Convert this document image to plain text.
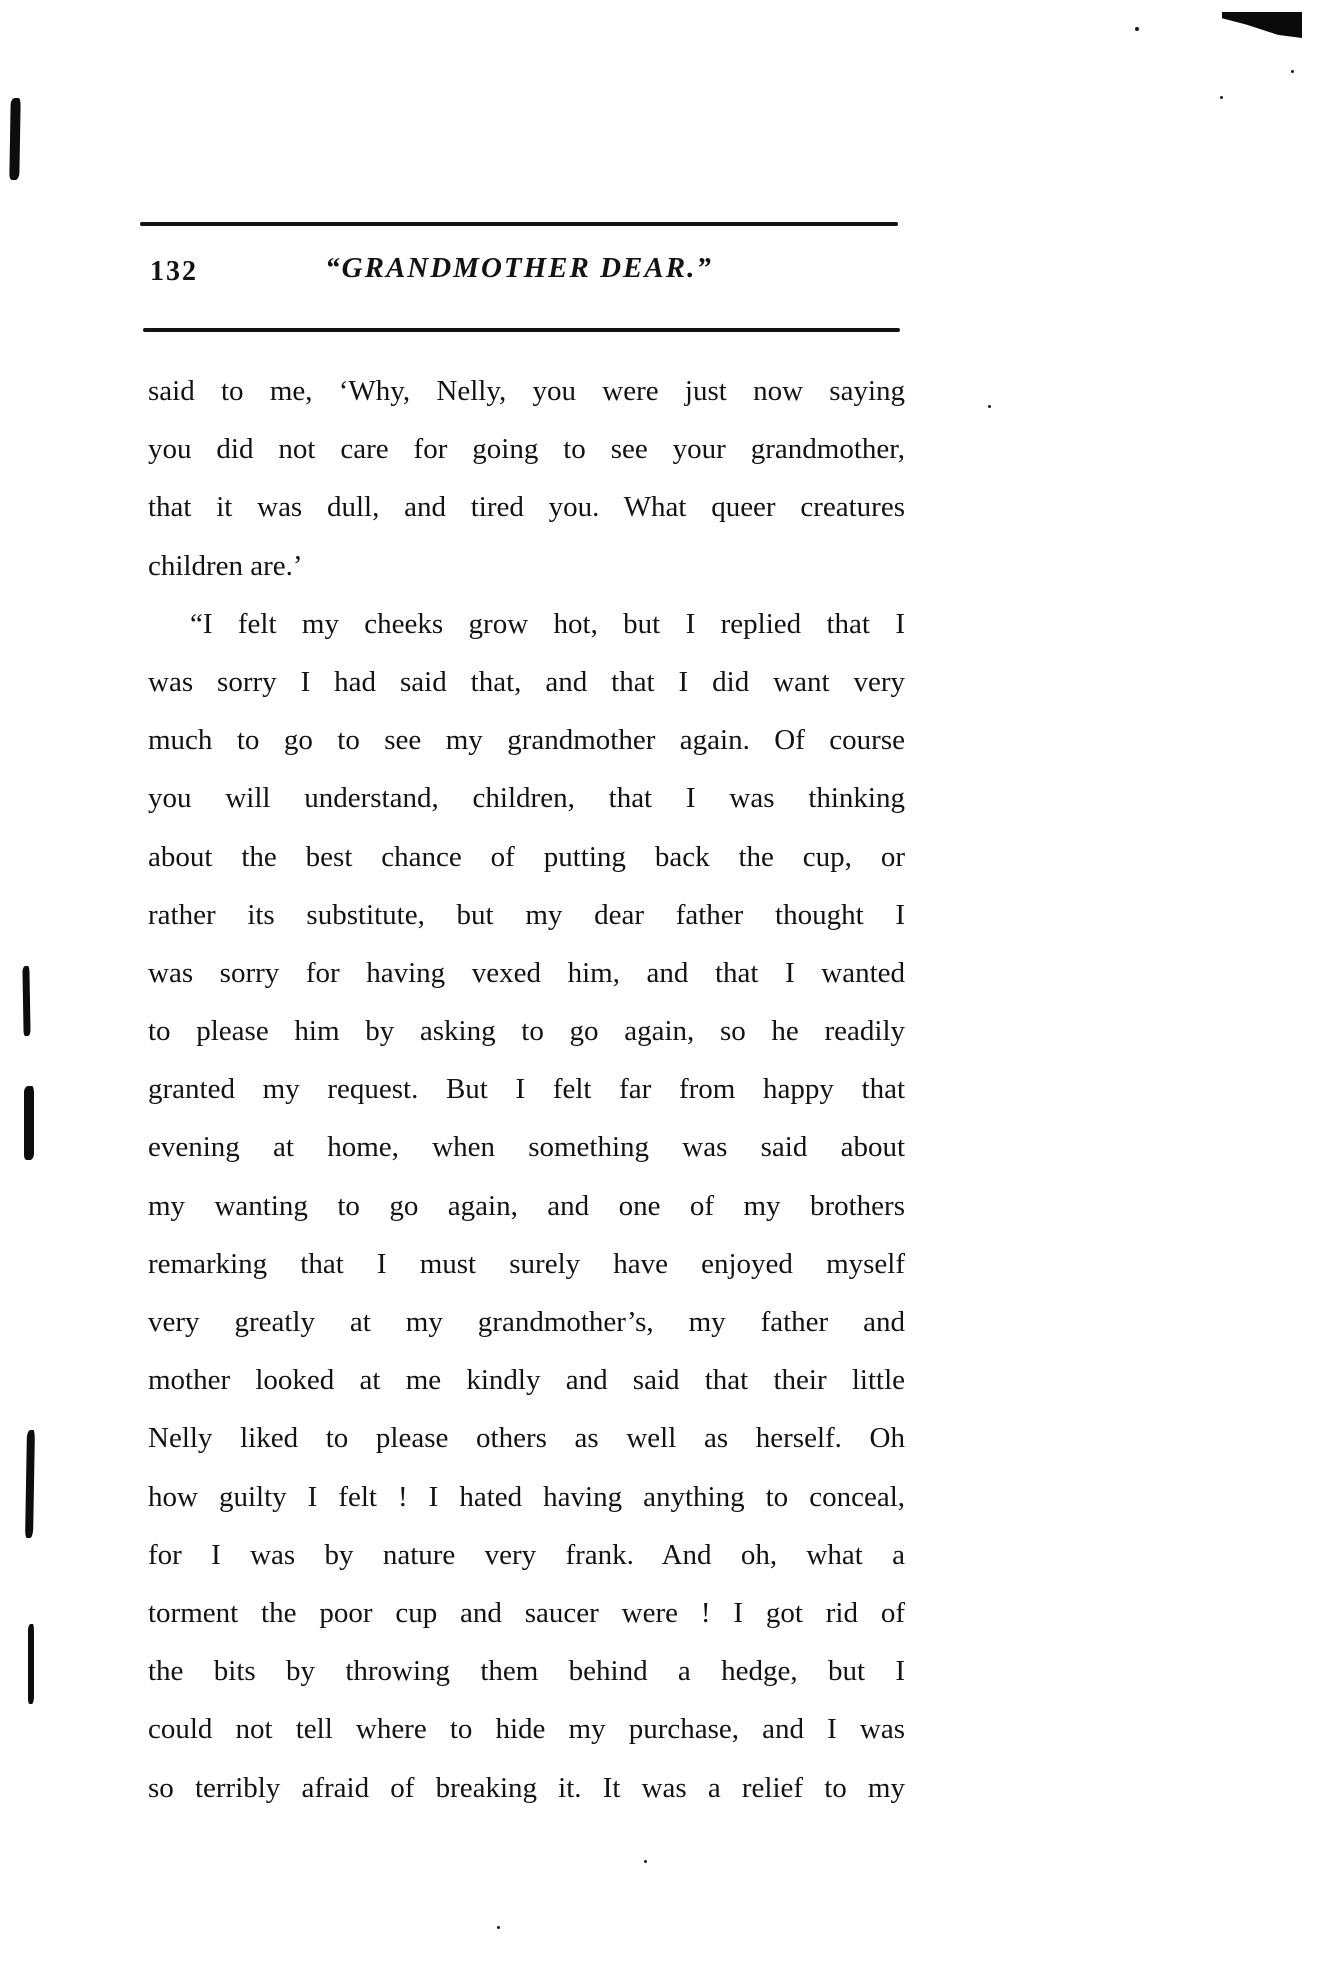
132	“GRANDMOTHER DEAR.”
said to me, ‘Why, Nelly, you were just now saying
you did not care for going to see your grandmother,
that it was dull, and tired you. What queer creatures
children are.’
“I felt my cheeks grow hot, but I replied that I
was sorry I had said that, and that I did want very
much to go to see my grandmother again. Of course
you will understand, children, that I was thinking
about the best chance of putting back the cup, or
rather its substitute, but my dear father thought I
was sorry for having vexed him, and that I wanted
to please him by asking to go again, so he readily
granted my request. But I felt far from happy that
evening at home, when something was said about
my wanting to go again, and one of my brothers
remarking that I must surely have enjoyed myself
very greatly at my grandmother’s, my father and
mother looked at me kindly and said that their little
Nelly liked to please others as well as herself. Oh
how guilty I felt ! I hated having anything to conceal,
for I was by nature very frank. And oh, what a
torment the poor cup and saucer were ! I got rid of
the bits by throwing them behind a hedge, but I
could not tell where to hide my purchase, and I was
so terribly afraid of breaking it. It was a relief to my
